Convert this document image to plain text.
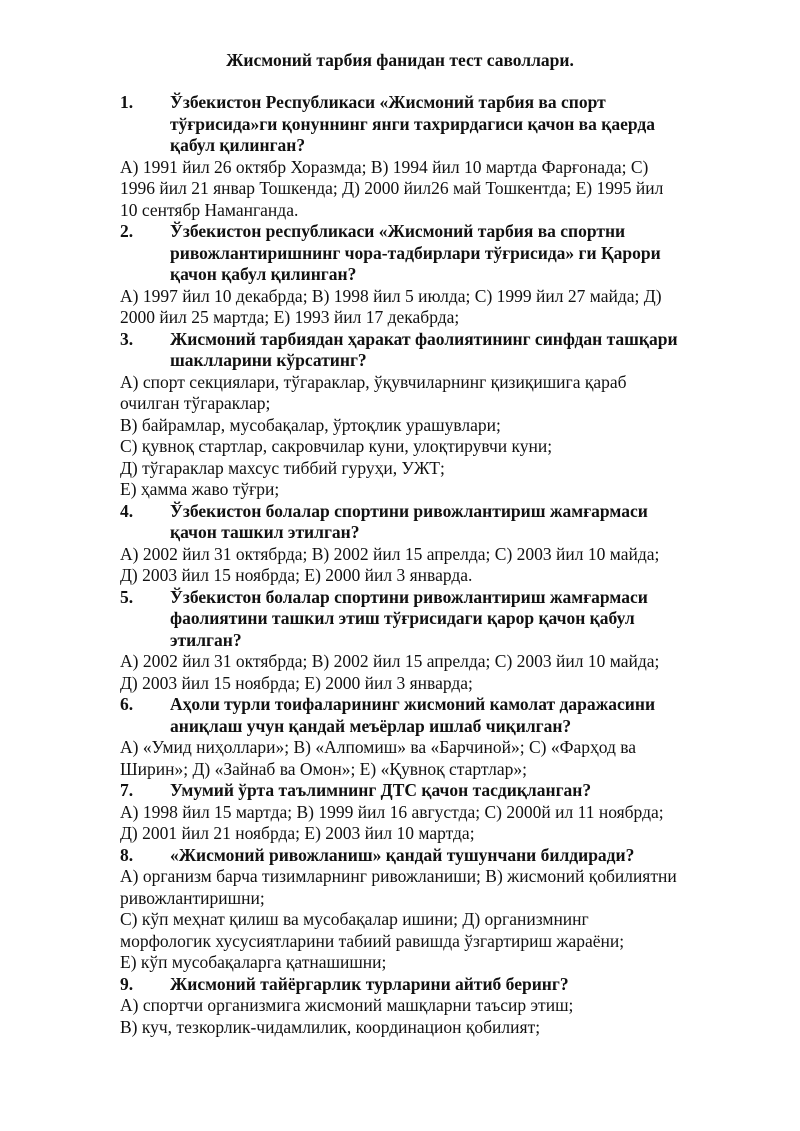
Жисмоний тарбия фанидан тест саволлари.
1.	Ўзбекистон Республикаси «Жисмоний тарбия ва спорт тўғрисида»ги қонуннинг янги тахрирдагиси қачон ва қаерда қабул қилинган?
А) 1991 йил 26 октябр Хоразмда; В) 1994 йил 10 мартда Фарғонада; С) 1996 йил 21 январ Тошкенда; Д) 2000 йил26 май Тошкентда; Е) 1995 йил 10 сентябр Наманганда.
2.	Ўзбекистон республикаси «Жисмоний тарбия ва спортни ривожлантиришнинг чора-тадбирлари тўғрисида» ги Қарори қачон қабул қилинган?
А) 1997 йил 10 декабрда; В) 1998 йил 5 июлда; С) 1999 йил 27 майда; Д) 2000 йил 25 мартда; Е) 1993 йил 17 декабрда;
3.	Жисмоний тарбиядан ҳаракат фаолиятининг синфдан ташқари шаклларини кўрсатинг?
А) спорт секциялари, тўгараклар, ўқувчиларнинг қизиқишига қараб очилган тўгараклар;
В) байрамлар, мусобақалар, ўртоқлик урашувлари;
С) қувноқ стартлар, сакровчилар куни, улоқтирувчи куни;
Д) тўгараклар махсус тиббий гуруҳи, УЖТ;
Е) ҳамма жаво тўғри;
4.	Ўзбекистон болалар спортини ривожлантириш жамғармаси қачон ташкил этилган?
А) 2002 йил 31 октябрда; В) 2002 йил 15 апрелда; С) 2003 йил 10 майда;
Д) 2003 йил 15 ноябрда; Е) 2000 йил 3 январда.
5.	Ўзбекистон болалар спортини ривожлантириш жамғармаси фаолиятини ташкил этиш тўғрисидаги қарор қачон қабул этилган?
А) 2002 йил 31 октябрда; В) 2002 йил 15 апрелда; С) 2003 йил 10 майда; Д) 2003 йил 15 ноябрда; Е) 2000 йил 3 январда;
6.	Аҳоли турли тоифаларининг жисмоний камолат даражасини аниқлаш учун қандай меъёрлар ишлаб чиқилган?
А) «Умид ниҳоллари»; В) «Алпомиш» ва «Барчиной»; С) «Фарҳод ва Ширин»; Д) «Зайнаб ва Омон»; Е) «Қувноқ стартлар»;
7.	Умумий ўрта таълимнинг ДТС қачон тасдиқланган?
А) 1998 йил 15 мартда; В) 1999 йил 16 августда; С) 2000й ил 11 ноябрда; Д) 2001 йил 21 ноябрда; Е) 2003 йил 10 мартда;
8.	«Жисмоний ривожланиш» қандай тушунчани билдиради?
А) организм барча тизимларнинг ривожланиши; В) жисмоний қобилиятни ривожлантиришни;
С) кўп меҳнат қилиш ва мусобақалар ишини; Д) организмнинг морфологик хусусиятларини табиий равишда ўзгартириш жараёни;
Е) кўп мусобақаларга қатнашишни;
9.	Жисмоний тайёргарлик турларини айтиб беринг?
А) спортчи организмига жисмоний машқларни таъсир этиш;
В) куч, тезкорлик-чидамлилик, координацион қобилият;
